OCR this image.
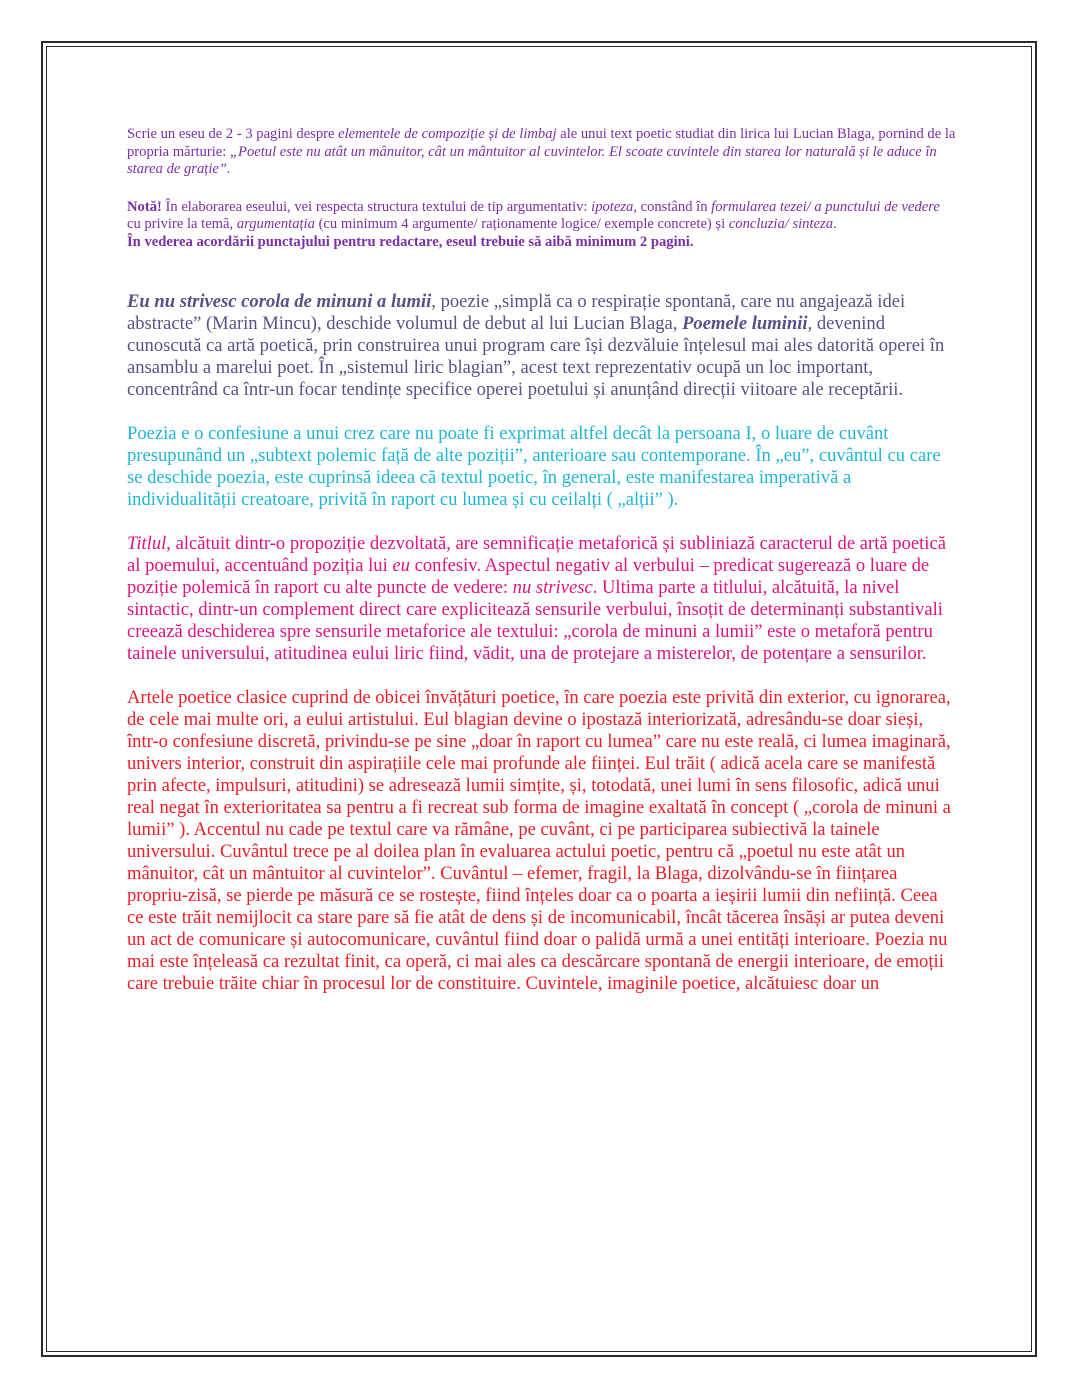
Scrie un eseu de 2 - 3 pagini despre elementele de compoziție și de limbaj ale unui text poetic studiat din lirica lui Lucian Blaga, pornind de la propria mărturie: „Poetul este nu atât un mânuitor, cât un mântuitor al cuvintelor. El scoate cuvintele din starea lor naturală și le aduce în starea de grație”.

Notă! În elaborarea eseului, vei respecta structura textului de tip argumentativ: ipoteza, constând în formularea tezei/ a punctului de vedere cu privire la temă, argumentația (cu minimum 4 argumente/ raționamente logice/ exemple concrete) și concluzia/ sinteza.

În vederea acordării punctajului pentru redactare, eseul trebuie să aibă minimum 2 pagini.

Eu nu strivesc corola de minuni a lumii, poezie „simplă ca o respirație spontană, care nu angajează idei abstracte” (Marin Mincu), deschide volumul de debut al lui Lucian Blaga, Poemele luminii, devenind cunoscută ca artă poetică, prin construirea unui program care își dezvăluie înțelesul mai ales datorită operei în ansamblu a marelui poet. În „sistemul liric blagian”, acest text reprezentativ ocupă un loc important, concentrând ca într-un focar tendințe specifice operei poetului și anunțând direcții viitoare ale receptării.

Poezia e o confesiune a unui crez care nu poate fi exprimat altfel decât la persoana I, o luare de cuvânt presupunând un „subtext polemic față de alte poziții”, anterioare sau contemporane. În „eu”, cuvântul cu care se deschide poezia, este cuprinsă ideea că textul poetic, în general, este manifestarea imperativă a individualității creatoare, privită în raport cu lumea și cu ceilalți ( „alții” ).

Titlul, alcătuit dintr-o propoziție dezvoltată, are semnificație metaforică și subliniază caracterul de artă poetică al poemului, accentuând poziția lui eu confesiv. Aspectul negativ al verbului – predicat sugerează o luare de poziție polemică în raport cu alte puncte de vedere: nu strivesc. Ultima parte a titlului, alcătuită, la nivel sintactic, dintr-un complement direct care explicitează sensurile verbului, însoțit de determinanți substantivali creează deschiderea spre sensurile metaforice ale textului: „corola de minuni a lumii” este o metaforă pentru tainele universului, atitudinea eului liric fiind, vădit, una de protejare a misterelor, de potențare a sensurilor.

Artele poetice clasice cuprind de obicei învățături poetice, în care poezia este privită din exterior, cu ignorarea, de cele mai multe ori, a eului artistului. Eul blagian devine o ipostază interiorizată, adresându-se doar sieși, într-o confesiune discretă, privindu-se pe sine „doar în raport cu lumea” care nu este reală, ci lumea imaginară, univers interior, construit din aspirațiile cele mai profunde ale ființei. Eul trăit ( adică acela care se manifestă prin afecte, impulsuri, atitudini) se adresează lumii simțite, și, totodată, unei lumi în sens filosofic, adică unui real negat în exterioritatea sa pentru a fi recreat sub forma de imagine exaltată în concept ( „corola de minuni a lumii” ). Accentul nu cade pe textul care va rămâne, pe cuvânt, ci pe participarea subiectivă la tainele universului. Cuvântul trece pe al doilea plan în evaluarea actului poetic, pentru că „poetul nu este atât un mânuitor, cât un mântuitor al cuvintelor”. Cuvântul – efemer, fragil, la Blaga, dizolvându-se în ființarea propriu-zisă, se pierde pe măsură ce se rostește, fiind înțeles doar ca o poarta a ieșirii lumii din neființă. Ceea ce este trăit nemijlocit ca stare pare să fie atât de dens și de incomunicabil, încât tăcerea însăși ar putea deveni un act de comunicare și autocomunicare, cuvântul fiind doar o palidă urmă a unei entități interioare. Poezia nu mai este înțeleasă ca rezultat finit, ca operă, ci mai ales ca descărcare spontană de energii interioare, de emoții care trebuie trăite chiar în procesul lor de constituire. Cuvintele, imaginile poetice, alcătuiesc doar un
